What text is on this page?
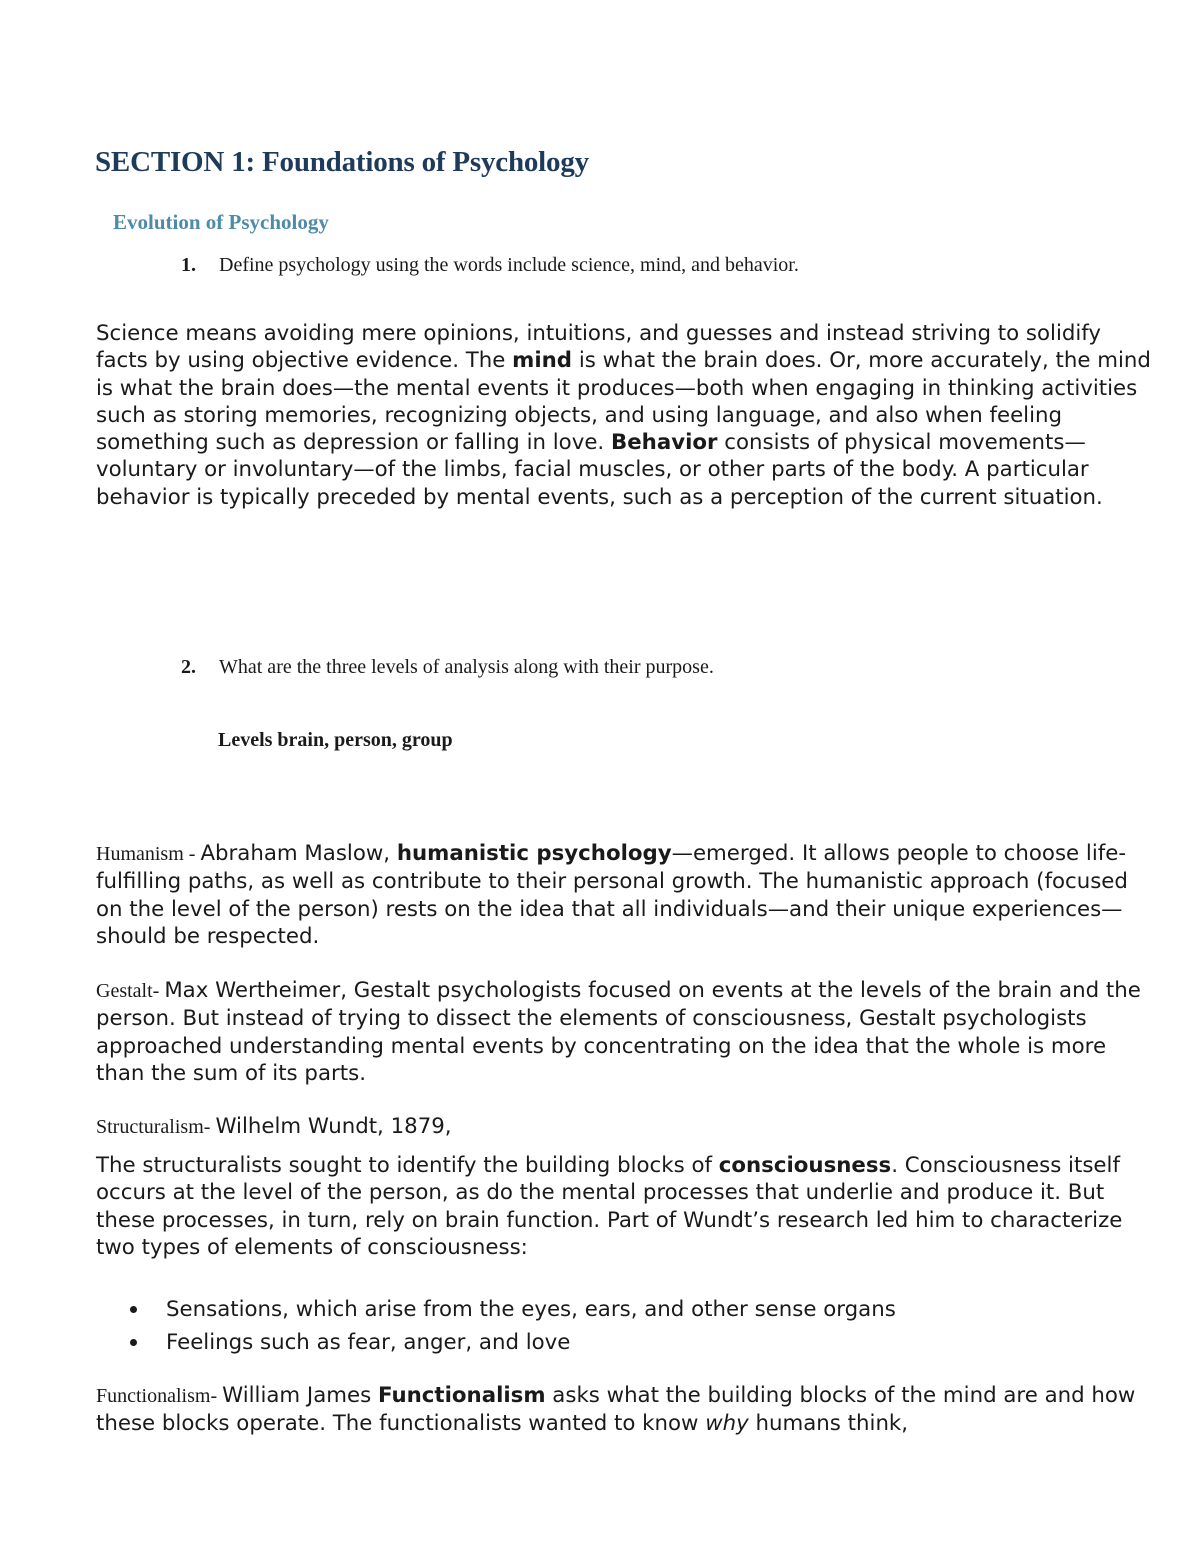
SECTION 1: Foundations of Psychology
Evolution of Psychology
1. Define psychology using the words include science, mind, and behavior.

Science means avoiding mere opinions, intuitions, and guesses and instead striving to solidify facts by using objective evidence. The mind is what the brain does. Or, more accurately, the mind is what the brain does—the mental events it produces—both when engaging in thinking activities such as storing memories, recognizing objects, and using language, and also when feeling something such as depression or falling in love. Behavior consists of physical movements—voluntary or involuntary—of the limbs, facial muscles, or other parts of the body. A particular behavior is typically preceded by mental events, such as a perception of the current situation.

2. What are the three levels of analysis along with their purpose.
Levels brain, person, group

Humanism - Abraham Maslow, humanistic psychology—emerged. It allows people to choose life-fulfilling paths, as well as contribute to their personal growth. The humanistic approach (focused on the level of the person) rests on the idea that all individuals—and their unique experiences—should be respected.

Gestalt- Max Wertheimer, Gestalt psychologists focused on events at the levels of the brain and the person. But instead of trying to dissect the elements of consciousness, Gestalt psychologists approached understanding mental events by concentrating on the idea that the whole is more than the sum of its parts.

Structuralism- Wilhelm Wundt, 1879,

The structuralists sought to identify the building blocks of consciousness. Consciousness itself occurs at the level of the person, as do the mental processes that underlie and produce it. But these processes, in turn, rely on brain function. Part of Wundt’s research led him to characterize two types of elements of consciousness:

Sensations, which arise from the eyes, ears, and other sense organs
Feelings such as fear, anger, and love

Functionalism- William James Functionalism asks what the building blocks of the mind are and how these blocks operate. The functionalists wanted to know why humans think,
